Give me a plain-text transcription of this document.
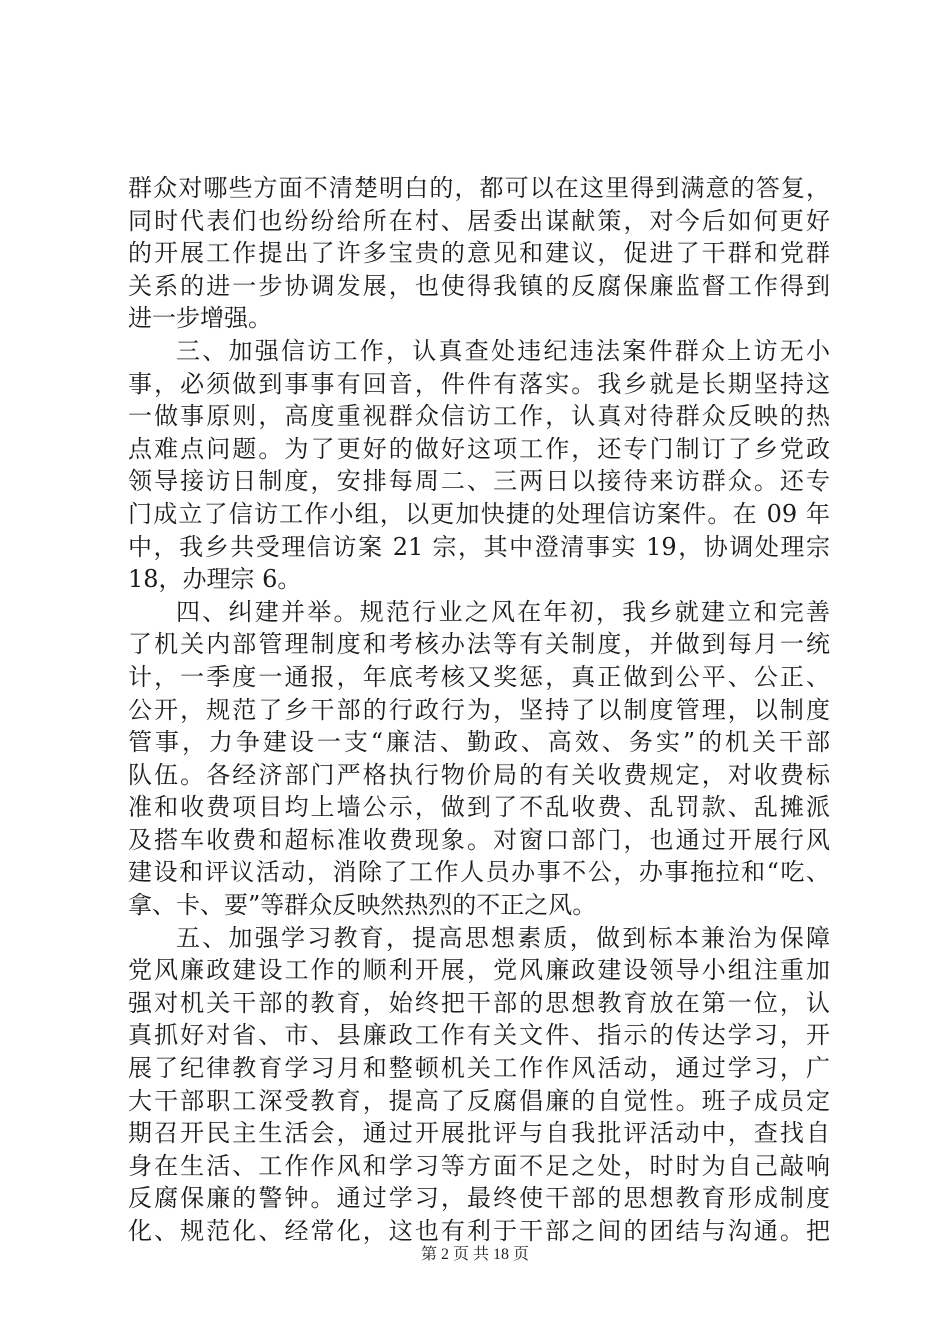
群众对哪些方面不清楚明白的，都可以在这里得到满意的答复，
同时代表们也纷纷给所在村、居委出谋献策，对今后如何更好
的开展工作提出了许多宝贵的意见和建议，促进了干群和党群
关系的进一步协调发展，也使得我镇的反腐保廉监督工作得到
进一步增强。
三、加强信访工作，认真查处违纪违法案件群众上访无小
事，必须做到事事有回音，件件有落实。我乡就是长期坚持这
一做事原则，高度重视群众信访工作，认真对待群众反映的热
点难点问题。为了更好的做好这项工作，还专门制订了乡党政
领导接访日制度，安排每周二、三两日以接待来访群众。还专
门成立了信访工作小组，以更加快捷的处理信访案件。在 09 年
中，我乡共受理信访案 21 宗，其中澄清事实 19，协调处理宗
18，办理宗 6。
四、纠建并举。规范行业之风在年初，我乡就建立和完善
了机关内部管理制度和考核办法等有关制度，并做到每月一统
计，一季度一通报，年底考核又奖惩，真正做到公平、公正、
公开，规范了乡干部的行政行为，坚持了以制度管理，以制度
管事，力争建设一支“廉洁、勤政、高效、务实”的机关干部
队伍。各经济部门严格执行物价局的有关收费规定，对收费标
准和收费项目均上墙公示，做到了不乱收费、乱罚款、乱摊派
及搭车收费和超标准收费现象。对窗口部门，也通过开展行风
建设和评议活动，消除了工作人员办事不公，办事拖拉和“吃、
拿、卡、要”等群众反映然热烈的不正之风。
五、加强学习教育，提高思想素质，做到标本兼治为保障
党风廉政建设工作的顺利开展，党风廉政建设领导小组注重加
强对机关干部的教育，始终把干部的思想教育放在第一位，认
真抓好对省、市、县廉政工作有关文件、指示的传达学习，开
展了纪律教育学习月和整顿机关工作作风活动，通过学习，广
大干部职工深受教育，提高了反腐倡廉的自觉性。班子成员定
期召开民主生活会，通过开展批评与自我批评活动中，查找自
身在生活、工作作风和学习等方面不足之处，时时为自己敲响
反腐保廉的警钟。通过学习，最终使干部的思想教育形成制度
化、规范化、经常化，这也有利于干部之间的团结与沟通。把
第 2 页 共 18 页
